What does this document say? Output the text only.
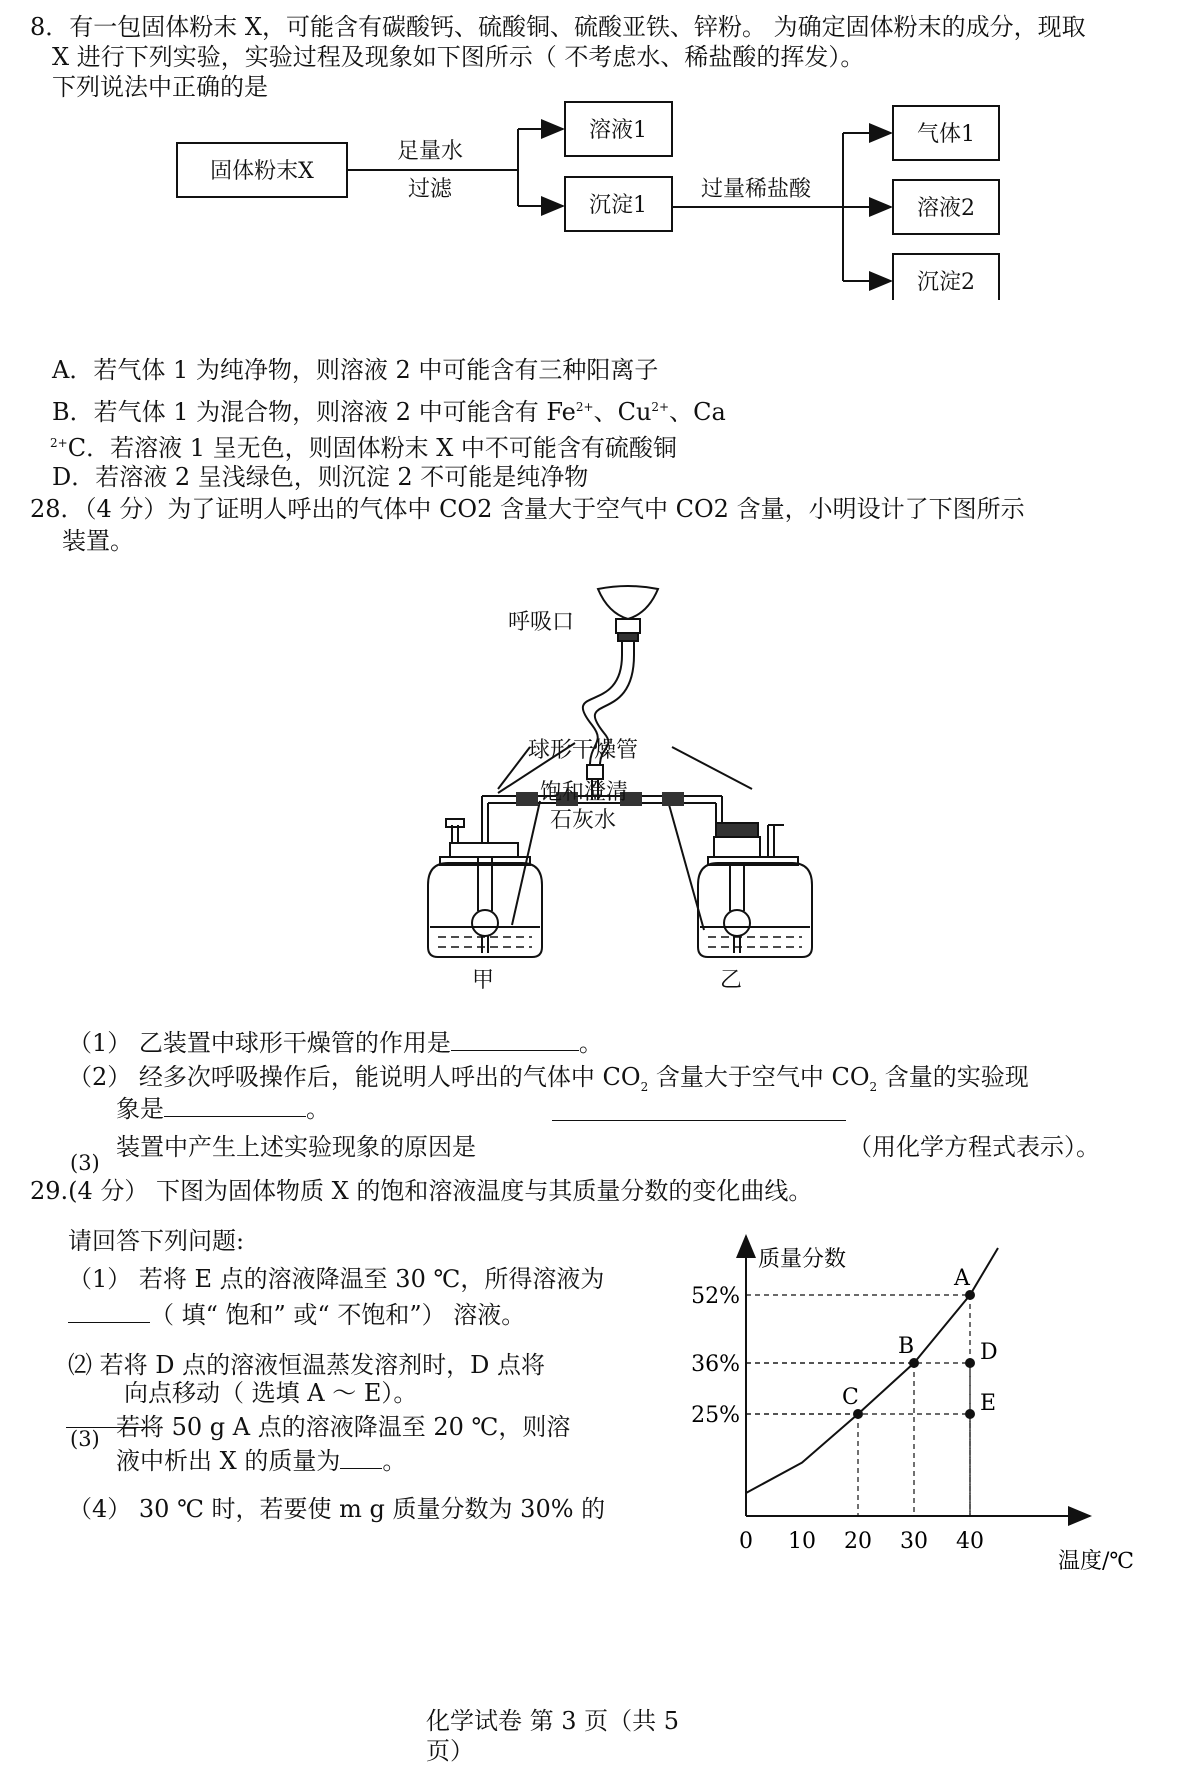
8．有一包固体粉末 X，可能含有碳酸钙、硫酸铜、硫酸亚铁、锌粉。 为确定固体粉末的成分，现取
X 进行下列实验，实验过程及现象如下图所示（ 不考虑水、稀盐酸的挥发）。
下列说法中正确的是
固体粉末X
溶液1
沉淀1
气体1
溶液2
沉淀2
足量水
过滤	过量稀盐酸
A．若气体 1 为纯净物，则溶液 2 中可能含有三种阳离子
B．若气体 1 为混合物，则溶液 2 中可能含有 $Fe^{2+}$、$Cu^{2+}$、Ca
$^{2+}$C．若溶液 1 呈无色，则固体粉末 X 中不可能含有硫酸铜
D．若溶液 2 呈浅绿色，则沉淀 2 不可能是纯净物
28．（4 分）为了证明人呼出的气体中 CO2 含量大于空气中 CO2 含量，小明设计了下图所示
装置。
呼吸口
球形干燥管
饱和澄清
石灰水
甲	乙
（1） 乙装置中球形干燥管的作用是	。
（2） 经多次呼吸操作后，能说明人呼出的气体中 $CO_2$ 含量大于空气中 $CO_2$ 含量的实验现
象是	。
(3)
装置中产生上述实验现象的原因是	（用化学方程式表示）。
29.(4 分） 下图为固体物质 X 的饱和溶液温度与其质量分数的变化曲线。
请回答下列问题:
（1） 若将 E 点的溶液降温至 30 ℃，所得溶液为
（ 填“ 饱和” 或“ 不饱和”） 溶液。
⑵ 若将 D 点的溶液恒温蒸发溶剂时，D 点将
向点移动（ 选填 A ～ E）。
(3) 若将 50 g A 点的溶液降温至 20 ℃，则溶
液中析出 X 的质量为 。
（4） 30 ℃ 时，若要使 m g 质量分数为 30% 的
质量分数
温度/℃
0 10 20 30 40
25%
36%
52%
A
B
C
D
E
化学试卷 第 3 页（共 5
页）
